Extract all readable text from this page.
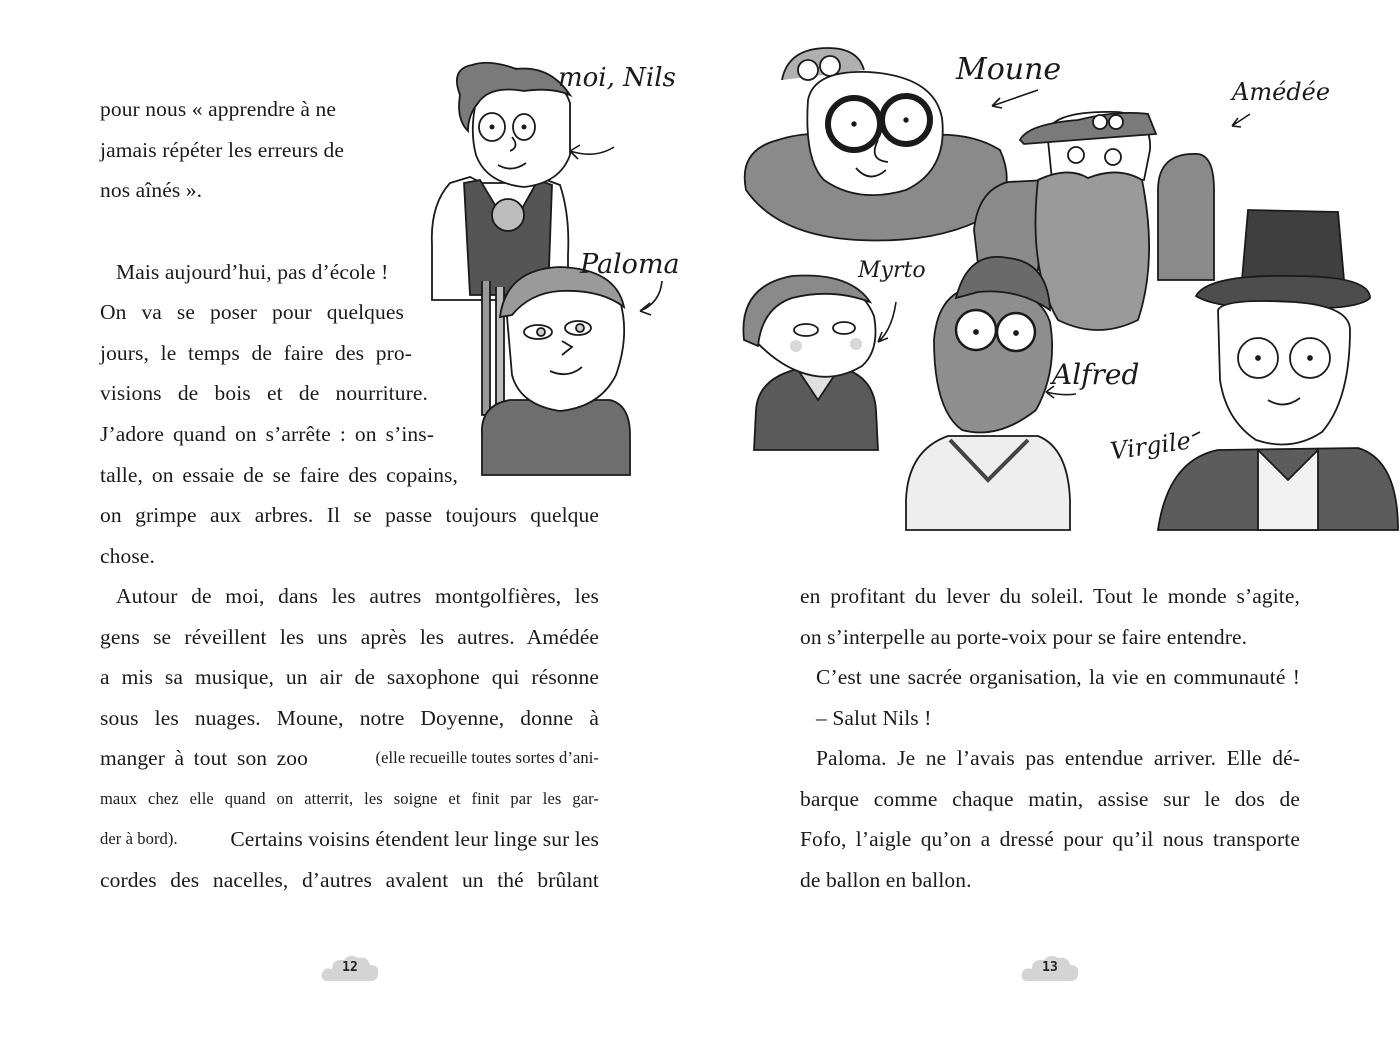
pour nous « apprendre à ne
jamais répéter les erreurs de
nos aînés ».
Mais aujourd’hui, pas d’école !
On va se poser pour quelques
jours, le temps de faire des pro-
visions de bois et de nourriture.
J’adore quand on s’arrête : on s’ins-
talle, on essaie de se faire des copains,
on grimpe aux arbres. Il se passe toujours quelque
chose.
Autour de moi, dans les autres montgolfières, les
gens se réveillent les uns après les autres. Amédée
a mis sa musique, un air de saxophone qui résonne
sous les nuages. Moune, notre Doyenne, donne à
manger à tout son zoo	(elle recueille toutes sortes d’ani-
maux chez elle quand on atterrit, les soigne et finit par les gar-
der à bord). Certains voisins étendent leur linge sur les
cordes des nacelles, d’autres avalent un thé brûlant
moi, Nils
Paloma
12
Moune
Amédée
Myrto
Alfred
Virgile
en profitant du lever du soleil. Tout le monde s’agite,
on s’interpelle au porte-voix pour se faire entendre.
C’est une sacrée organisation, la vie en communauté !
– Salut Nils !
Paloma. Je ne l’avais pas entendue arriver. Elle dé-
barque comme chaque matin, assise sur le dos de
Fofo, l’aigle qu’on a dressé pour qu’il nous transporte
de ballon en ballon.
13
